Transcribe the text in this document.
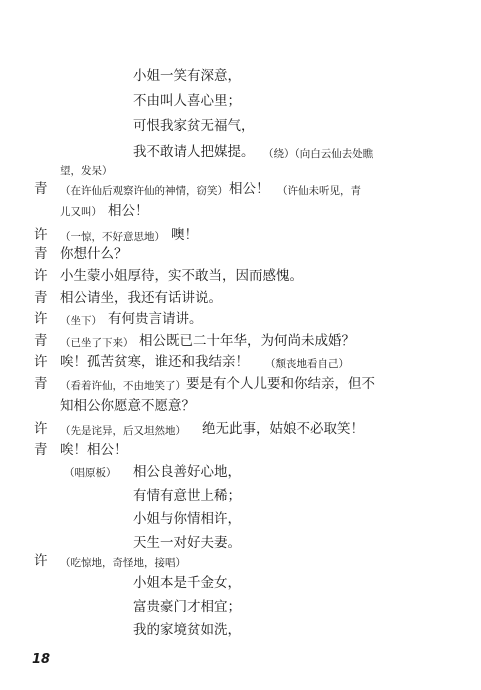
小姐一笑有深意，
不由叫人喜心里；
可恨我家贫无福气，
我不敢请人把媒提。 （绕）（向白云仙去处瞧
望，发呆）
青 （在许仙后观察许仙的神情，窃笑） 相公！ （许仙未听见，青
儿又叫） 相公！
许 （一惊，不好意思地） 噢！
青 你想什么？
许 小生蒙小姐厚待，实不敢当，因而感愧。
青 相公请坐，我还有话讲说。
许 （坐下） 有何贵言请讲。
青 （已坐了下来） 相公既已二十年华，为何尚未成婚？
许 唉！孤苦贫寒，谁还和我结亲！ （颓丧地看自己）
青 （看着许仙，不由地笑了） 要是有个人儿要和你结亲，但不
知相公你愿意不愿意？
许 （先是诧异，后又坦然地） 绝无此事，姑娘不必取笑！
青 唉！相公！
（唱原板） 相公良善好心地，
有情有意世上稀；
小姐与你情相许，
天生一对好夫妻。
许 （吃惊地，奇怪地，接唱）
小姐本是千金女，
富贵豪门才相宜；
我的家境贫如洗，
18
